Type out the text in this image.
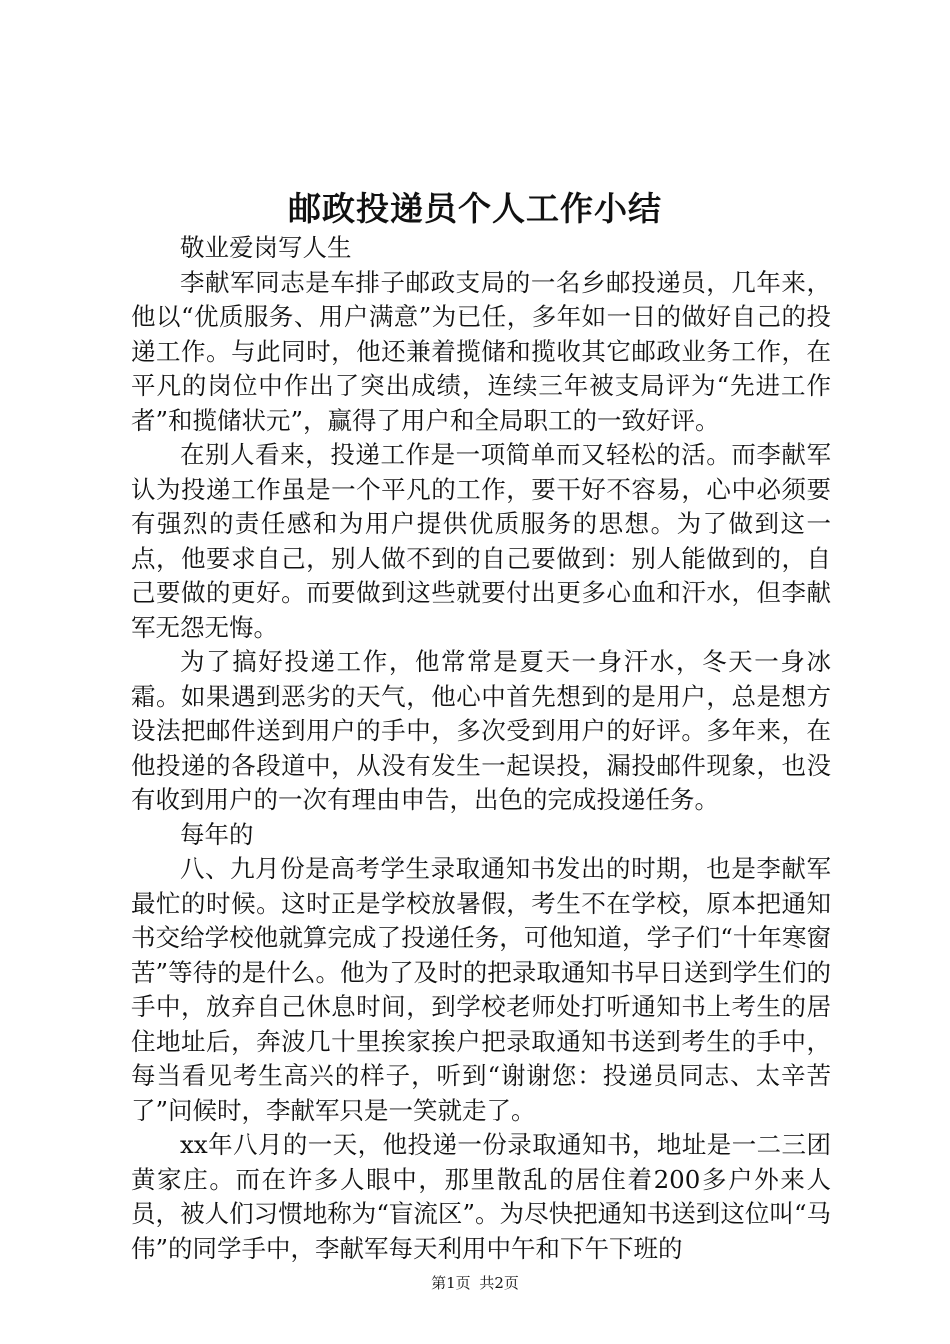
邮政投递员个人工作小结

敬业爱岗写人生

李献军同志是车排子邮政支局的一名乡邮投递员，几年来，他以“优质服务、用户满意”为已任，多年如一日的做好自己的投递工作。与此同时，他还兼着揽储和揽收其它邮政业务工作，在平凡的岗位中作出了突出成绩，连续三年被支局评为“先进工作者”和揽储状元”，赢得了用户和全局职工的一致好评。

在别人看来，投递工作是一项简单而又轻松的活。而李献军认为投递工作虽是一个平凡的工作，要干好不容易，心中必须要有强烈的责任感和为用户提供优质服务的思想。为了做到这一点，他要求自己，别人做不到的自己要做到：别人能做到的，自己要做的更好。而要做到这些就要付出更多心血和汗水，但李献军无怨无悔。

为了搞好投递工作，他常常是夏天一身汗水，冬天一身冰霜。如果遇到恶劣的天气，他心中首先想到的是用户，总是想方设法把邮件送到用户的手中，多次受到用户的好评。多年来，在他投递的各段道中，从没有发生一起误投，漏投邮件现象，也没有收到用户的一次有理由申告，出色的完成投递任务。

每年的

八、九月份是高考学生录取通知书发出的时期，也是李献军最忙的时候。这时正是学校放暑假，考生不在学校，原本把通知书交给学校他就算完成了投递任务，可他知道，学子们“十年寒窗苦”等待的是什么。他为了及时的把录取通知书早日送到学生们的手中，放弃自己休息时间，到学校老师处打听通知书上考生的居住地址后，奔波几十里挨家挨户把录取通知书送到考生的手中，每当看见考生高兴的样子，听到“谢谢您：投递员同志、太辛苦了”问候时，李献军只是一笑就走了。

xx年八月的一天，他投递一份录取通知书，地址是一二三团黄家庄。而在许多人眼中，那里散乱的居住着200多户外来人员，被人们习惯地称为“盲流区”。为尽快把通知书送到这位叫“马伟”的同学手中，李献军每天利用中午和下午下班的

第1页 共2页
